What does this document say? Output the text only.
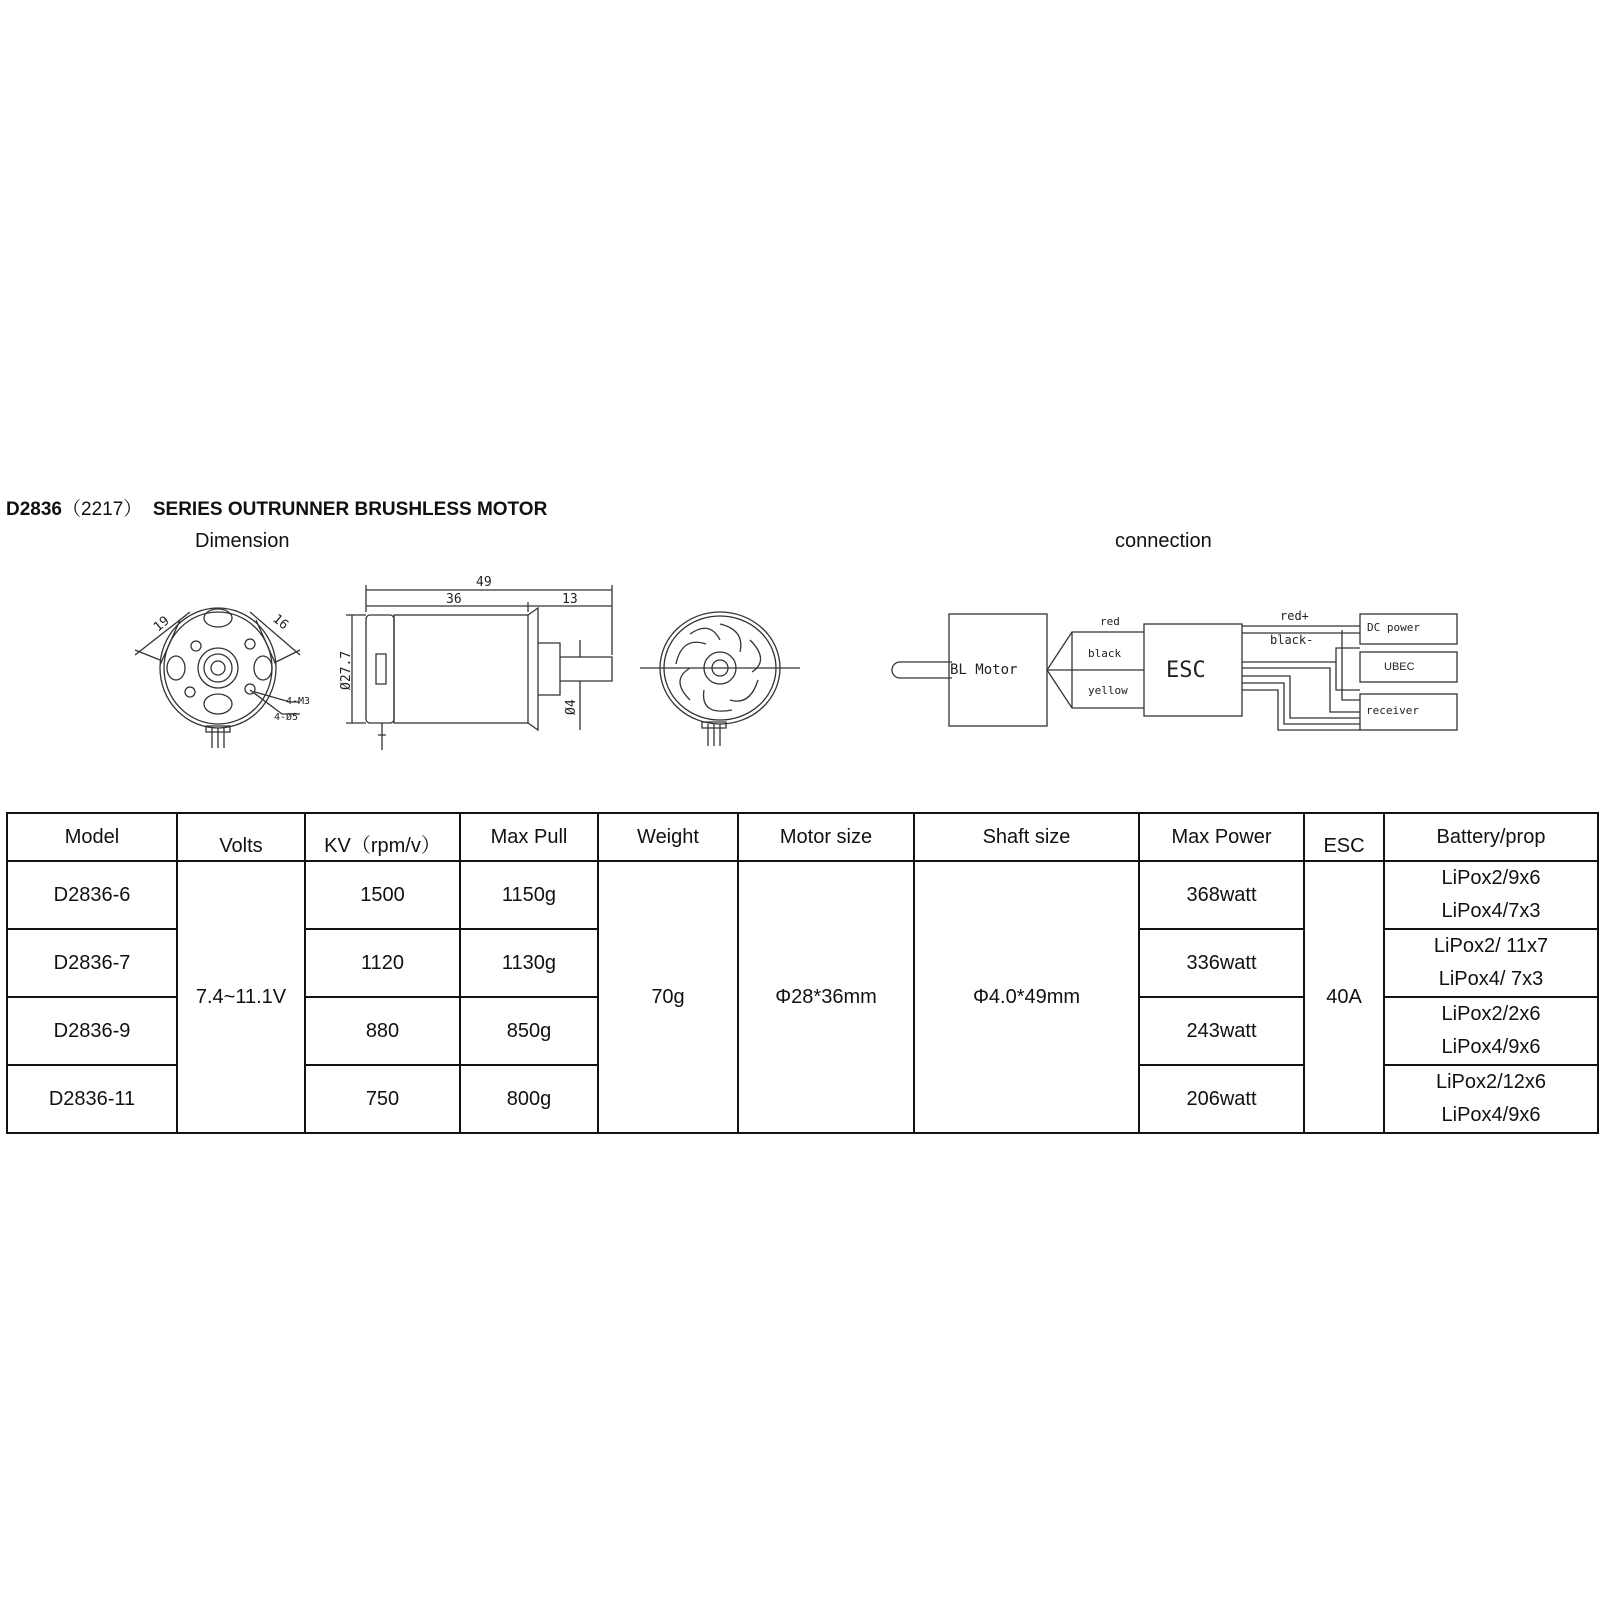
D2836（2217） SERIES OUTRUNNER BRUSHLESS MOTOR
Dimension	connection
49
36	13
Ø27.7
Ø4
19	16
4-M3
4-Ø5
BL Motor	ESC
red
black
yellow
red+
black-
DC power
UBEC
receiver
Model	Volts	KV（rpm/v）	Max Pull	Weight	Motor size	Shaft size	Max Power	ESC	Battery/prop
D2836-6	7.4~11.1V	1500	1150g	70g	Φ28*36mm	Φ4.0*49mm	368watt	40A	LiPox2/9x6
LiPox4/7x3

D2836-7		1120	1130g				336watt		LiPox2/ 11x7
LiPox4/ 7x3

D2836-9		880	850g				243watt		LiPox2/2x6
LiPox4/9x6

D2836-11		750	800g				206watt		LiPox2/12x6
LiPox4/9x6
